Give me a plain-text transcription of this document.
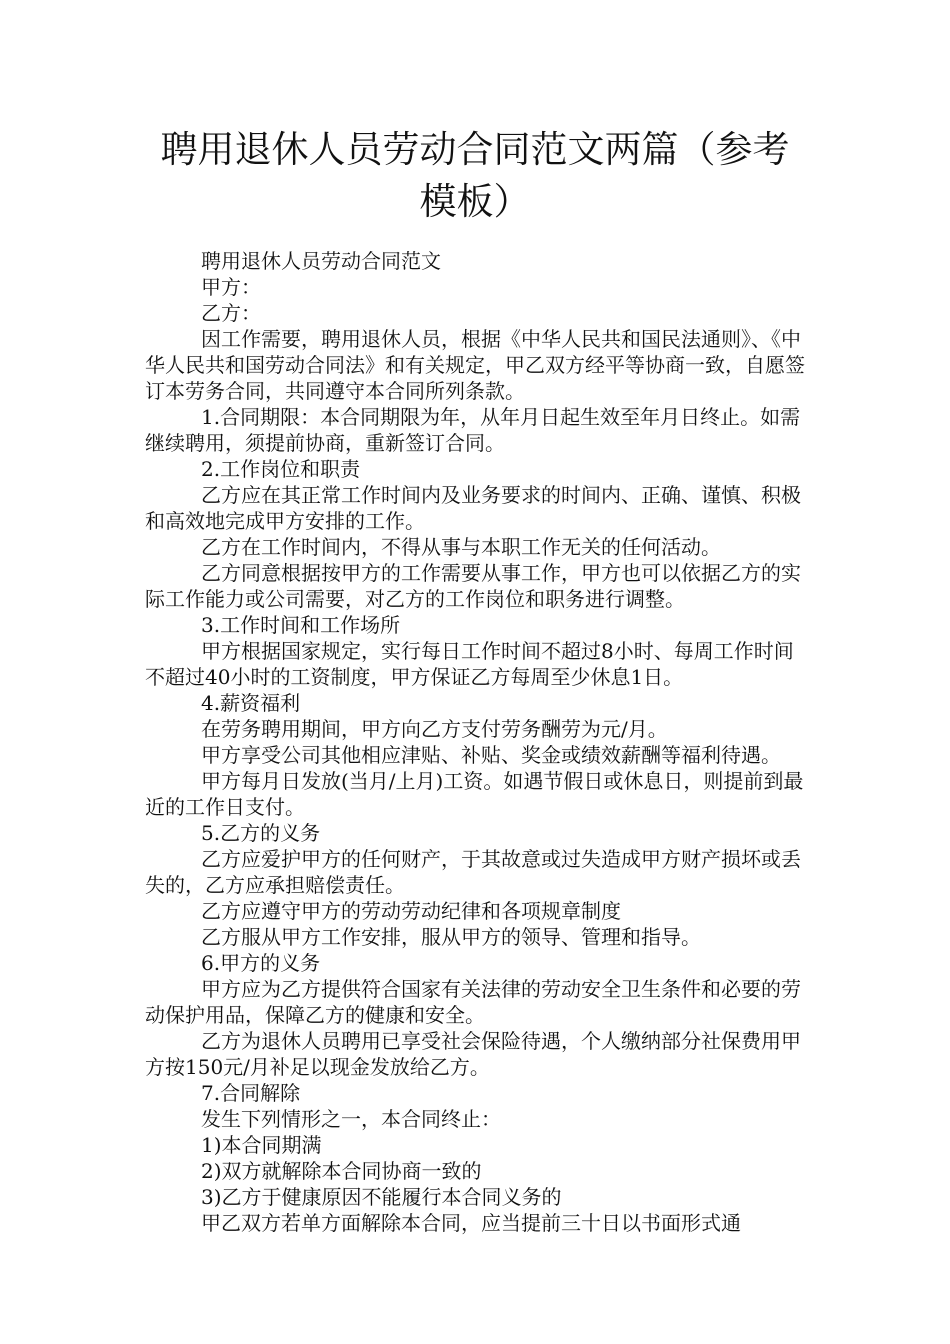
聘用退休人员劳动合同范文两篇（参考模板）

聘用退休人员劳动合同范文

甲方：

乙方：

因工作需要，聘用退休人员，根据《中华人民共和国民法通则》、《中华人民共和国劳动合同法》和有关规定，甲乙双方经平等协商一致，自愿签订本劳务合同，共同遵守本合同所列条款。

1.合同期限：本合同期限为年，从年月日起生效至年月日终止。如需继续聘用，须提前协商，重新签订合同。

2.工作岗位和职责

乙方应在其正常工作时间内及业务要求的时间内、正确、谨慎、积极和高效地完成甲方安排的工作。

乙方在工作时间内，不得从事与本职工作无关的任何活动。

乙方同意根据按甲方的工作需要从事工作，甲方也可以依据乙方的实际工作能力或公司需要，对乙方的工作岗位和职务进行调整。

3.工作时间和工作场所

甲方根据国家规定，实行每日工作时间不超过8小时、每周工作时间不超过40小时的工资制度，甲方保证乙方每周至少休息1日。

4.薪资福利

在劳务聘用期间，甲方向乙方支付劳务酬劳为元/月。

甲方享受公司其他相应津贴、补贴、奖金或绩效薪酬等福利待遇。

甲方每月日发放(当月/上月)工资。如遇节假日或休息日，则提前到最近的工作日支付。

5.乙方的义务

乙方应爱护甲方的任何财产，于其故意或过失造成甲方财产损坏或丢失的，乙方应承担赔偿责任。

乙方应遵守甲方的劳动劳动纪律和各项规章制度

乙方服从甲方工作安排，服从甲方的领导、管理和指导。

6.甲方的义务

甲方应为乙方提供符合国家有关法律的劳动安全卫生条件和必要的劳动保护用品，保障乙方的健康和安全。

乙方为退休人员聘用已享受社会保险待遇，个人缴纳部分社保费用甲方按150元/月补足以现金发放给乙方。

7.合同解除

发生下列情形之一，本合同终止：

1)本合同期满

2)双方就解除本合同协商一致的

3)乙方于健康原因不能履行本合同义务的

甲乙双方若单方面解除本合同，应当提前三十日以书面形式通
